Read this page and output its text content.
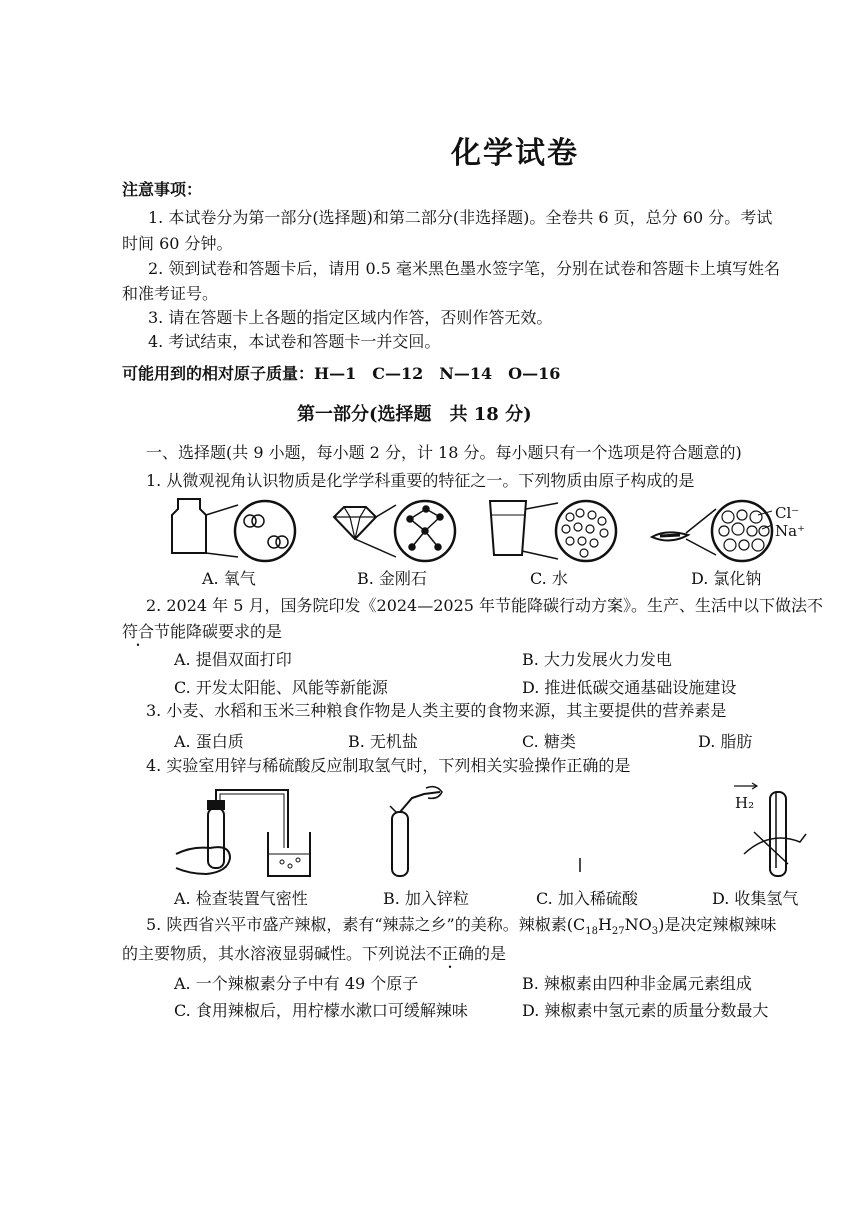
化学试卷
注意事项：
1. 本试卷分为第一部分(选择题)和第二部分(非选择题)。全卷共 6 页，总分 60 分。考试
时间 60 分钟。
2. 领到试卷和答题卡后，请用 0.5 毫米黑色墨水签字笔，分别在试卷和答题卡上填写姓名
和准考证号。
3. 请在答题卡上各题的指定区域内作答，否则作答无效。
4. 考试结束，本试卷和答题卡一并交回。
可能用到的相对原子质量：H—1　C—12　N—14　O—16
第一部分(选择题　共 18 分)
一、选择题(共 9 小题，每小题 2 分，计 18 分。每小题只有一个选项是符合题意的)
1. 从微观视角认识物质是化学学科重要的特征之一。下列物质由原子构成的是
Cl⁻
Na⁺
A. 氧气	B. 金刚石	C. 水	D. 氯化钠
2. 2024 年 5 月，国务院印发《2024—2025 年节能降碳行动方案》。生产、生活中以下做法不
符合节能降碳要求的是
A. 提倡双面打印	B. 大力发展火力发电
C. 开发太阳能、风能等新能源	D. 推进低碳交通基础设施建设
3. 小麦、水稻和玉米三种粮食作物是人类主要的食物来源，其主要提供的营养素是
A. 蛋白质	B. 无机盐	C. 糖类	D. 脂肪
4. 实验室用锌与稀硫酸反应制取氢气时，下列相关实验操作正确的是
H₂
A. 检查装置气密性	B. 加入锌粒	C. 加入稀硫酸	D. 收集氢气
5. 陕西省兴平市盛产辣椒，素有“辣蒜之乡”的美称。辣椒素$(C_{18}H_{27}NO_3)$是决定辣椒辣味
的主要物质，其水溶液显弱碱性。下列说法不正确的是
A. 一个辣椒素分子中有 49 个原子	B. 辣椒素由四种非金属元素组成
C. 食用辣椒后，用柠檬水漱口可缓解辣味	D. 辣椒素中氢元素的质量分数最大
